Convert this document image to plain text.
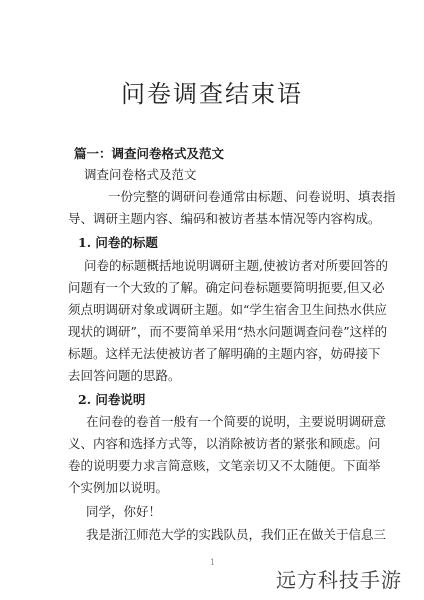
问卷调查结束语
篇一：调查问卷格式及范文
调查问卷格式及范文
一份完整的调研问卷通常由标题、问卷说明、填表指
导、调研主题内容、编码和被访者基本情况等内容构成。
1. 问卷的标题
问卷的标题概括地说明调研主题,使被访者对所要回答的
问题有一个大致的了解。确定问卷标题要简明扼要,但又必
须点明调研对象或调研主题。如“学生宿舍卫生间热水供应
现状的调研”，而不要简单采用“热水问题调查问卷”这样的
标题。这样无法使被访者了解明确的主题内容，妨碍接下
去回答问题的思路。
2. 问卷说明
在问卷的卷首一般有一个简要的说明，主要说明调研意
义、内容和选择方式等，以消除被访者的紧张和顾虑。问
卷的说明要力求言简意赅，文笔亲切又不太随便。下面举
个实例加以说明。
同学，你好！
我是浙江师范大学的实践队员，我们正在做关于信息三
1
远方科技手游
